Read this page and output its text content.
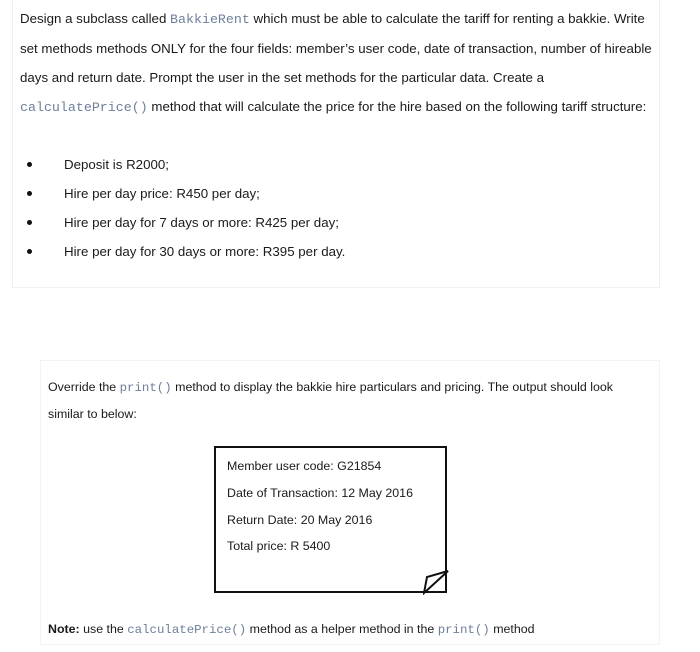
Design a subclass called BakkieRent which must be able to calculate the tariff for renting a bakkie. Write set methods methods ONLY for the four fields: member’s user code, date of transaction, number of hireable days and return date. Prompt the user in the set methods for the particular data. Create a calculatePrice() method that will calculate the price for the hire based on the following tariff structure:

Deposit is R2000;
Hire per day price: R450 per day;
Hire per day for 7 days or more: R425 per day;
Hire per day for 30 days or more: R395 per day.
Override the print() method to display the bakkie hire particulars and pricing. The output should look similar to below:
Member user code: G21854
Date of Transaction: 12 May 2016
Return Date: 20 May 2016
Total price: R 5400
Note: use the calculatePrice() method as a helper method in the print() method
